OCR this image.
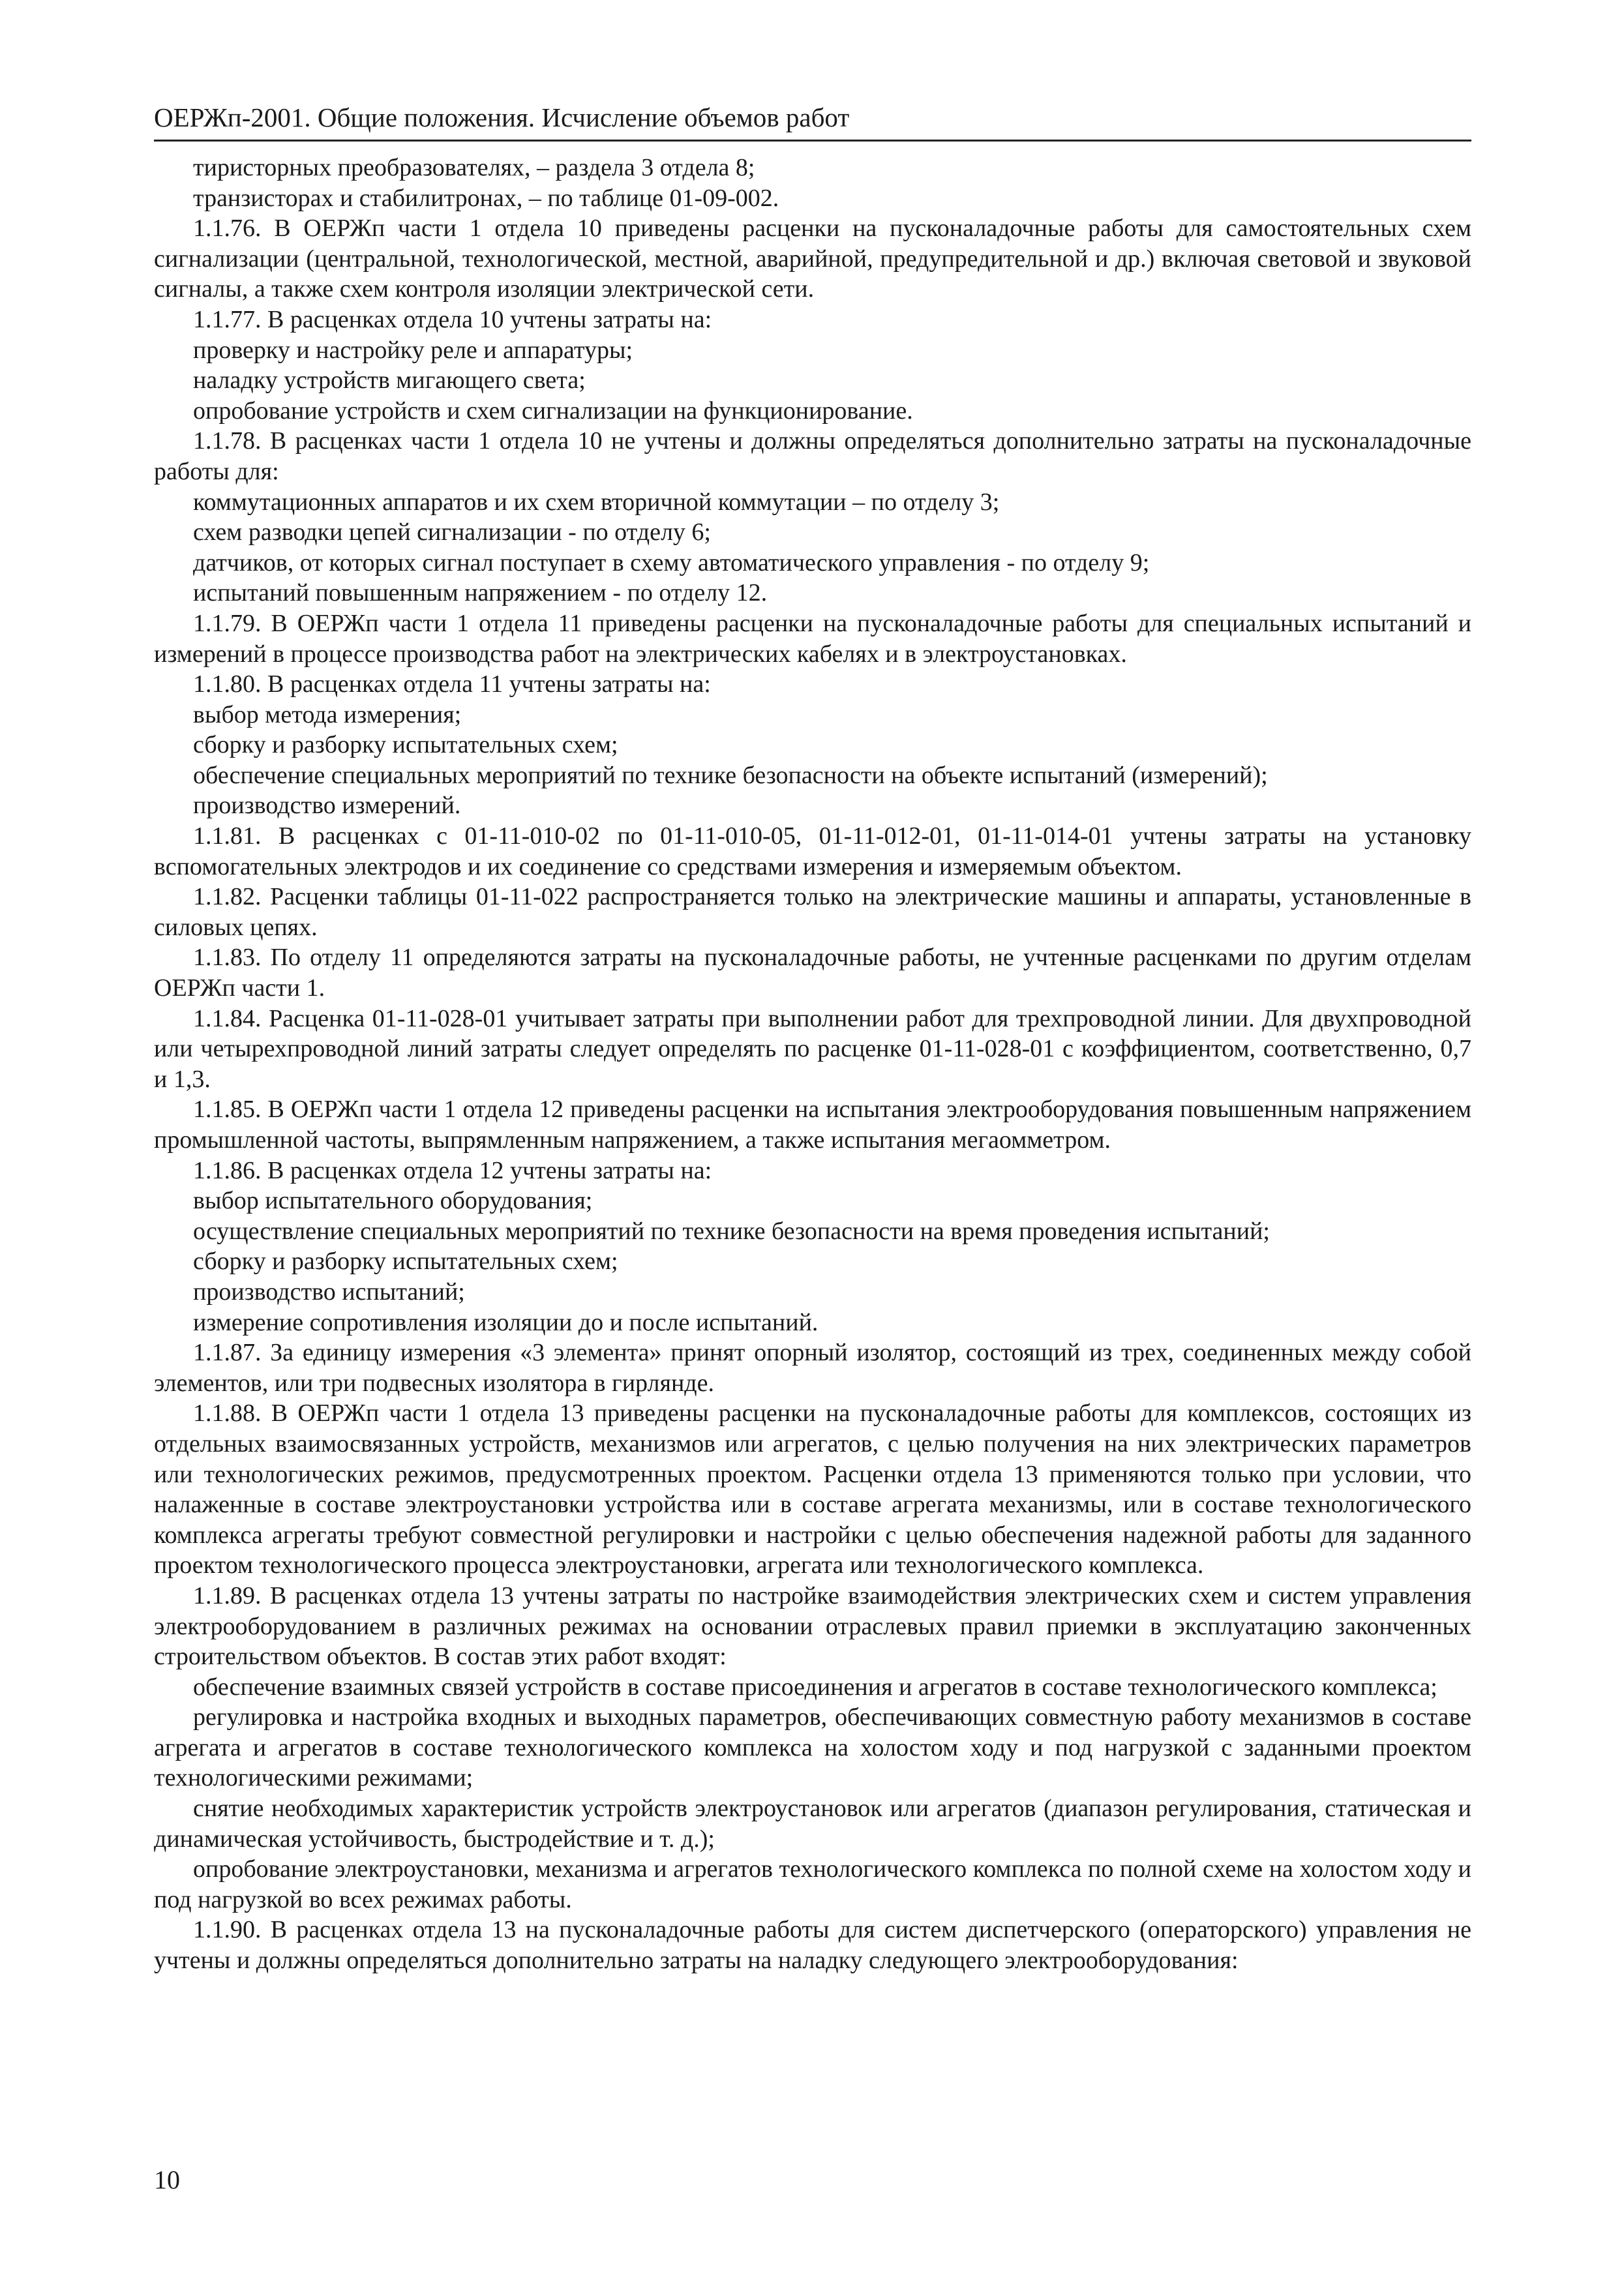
ОЕРЖп-2001. Общие положения. Исчисление объемов работ

тиристорных преобразователях, – раздела 3 отдела 8;

транзисторах и стабилитронах, – по таблице 01-09-002.

1.1.76. В ОЕРЖп части 1 отдела 10 приведены расценки на пусконаладочные работы для самостоятельных схем сигнализации (центральной, технологической, местной, аварийной, предупредительной и др.) включая световой и звуковой сигналы, а также схем контроля изоляции электрической сети.

1.1.77. В расценках отдела 10 учтены затраты на:

проверку и настройку реле и аппаратуры;

наладку устройств мигающего света;

опробование устройств и схем сигнализации на функционирование.

1.1.78. В расценках части 1 отдела 10 не учтены и должны определяться дополнительно затраты на пусконаладочные работы для:

коммутационных аппаратов и их схем вторичной коммутации – по отделу 3;

схем разводки цепей сигнализации - по отделу 6;

датчиков, от которых сигнал поступает в схему автоматического управления - по отделу 9;

испытаний повышенным напряжением - по отделу 12.

1.1.79. В ОЕРЖп части 1 отдела 11 приведены расценки на пусконаладочные работы для специальных испытаний и измерений в процессе производства работ на электрических кабелях и в электроустановках.

1.1.80. В расценках отдела 11 учтены затраты на:

выбор метода измерения;

сборку и разборку испытательных схем;

обеспечение специальных мероприятий по технике безопасности на объекте испытаний (измерений);

производство измерений.

1.1.81. В расценках с 01-11-010-02 по 01-11-010-05, 01-11-012-01, 01-11-014-01 учтены затраты на установку вспомогательных электродов и их соединение со средствами измерения и измеряемым объектом.

1.1.82. Расценки таблицы 01-11-022 распространяется только на электрические машины и аппараты, установленные в силовых цепях.

1.1.83. По отделу 11 определяются затраты на пусконаладочные работы, не учтенные расценками по другим отделам ОЕРЖп части 1.

1.1.84. Расценка 01-11-028-01 учитывает затраты при выполнении работ для трехпроводной линии. Для двухпроводной или четырехпроводной линий затраты следует определять по расценке 01-11-028-01 с коэффициентом, соответственно, 0,7 и 1,3.

1.1.85. В ОЕРЖп части 1 отдела 12 приведены расценки на испытания электрооборудования повышенным напряжением промышленной частоты, выпрямленным напряжением, а также испытания мегаомметром.

1.1.86. В расценках отдела 12 учтены затраты на:

выбор испытательного оборудования;

осуществление специальных мероприятий по технике безопасности на время проведения испытаний;

сборку и разборку испытательных схем;

производство испытаний;

измерение сопротивления изоляции до и после испытаний.

1.1.87. За единицу измерения «3 элемента» принят опорный изолятор, состоящий из трех, соединенных между собой элементов, или три подвесных изолятора в гирлянде.

1.1.88. В ОЕРЖп части 1 отдела 13 приведены расценки на пусконаладочные работы для комплексов, состоящих из отдельных взаимосвязанных устройств, механизмов или агрегатов, с целью получения на них электрических параметров или технологических режимов, предусмотренных проектом. Расценки отдела 13 применяются только при условии, что налаженные в составе электроустановки устройства или в составе агрегата механизмы, или в составе технологического комплекса агрегаты требуют совместной регулировки и настройки с целью обеспечения надежной работы для заданного проектом технологического процесса электроустановки, агрегата или технологического комплекса.

1.1.89. В расценках отдела 13 учтены затраты по настройке взаимодействия электрических схем и систем управления электрооборудованием в различных режимах на основании отраслевых правил приемки в эксплуатацию законченных строительством объектов. В состав этих работ входят:

обеспечение взаимных связей устройств в составе присоединения и агрегатов в составе технологического комплекса;

регулировка и настройка входных и выходных параметров, обеспечивающих совместную работу механизмов в составе агрегата и агрегатов в составе технологического комплекса на холостом ходу и под нагрузкой с заданными проектом технологическими режимами;

снятие необходимых характеристик устройств электроустановок или агрегатов (диапазон регулирования, статическая и динамическая устойчивость, быстродействие и т. д.);

опробование электроустановки, механизма и агрегатов технологического комплекса по полной схеме на холостом ходу и под нагрузкой во всех режимах работы.

1.1.90. В расценках отдела 13 на пусконаладочные работы для систем диспетчерского (операторского) управления не учтены и должны определяться дополнительно затраты на наладку следующего электрооборудования:

10
